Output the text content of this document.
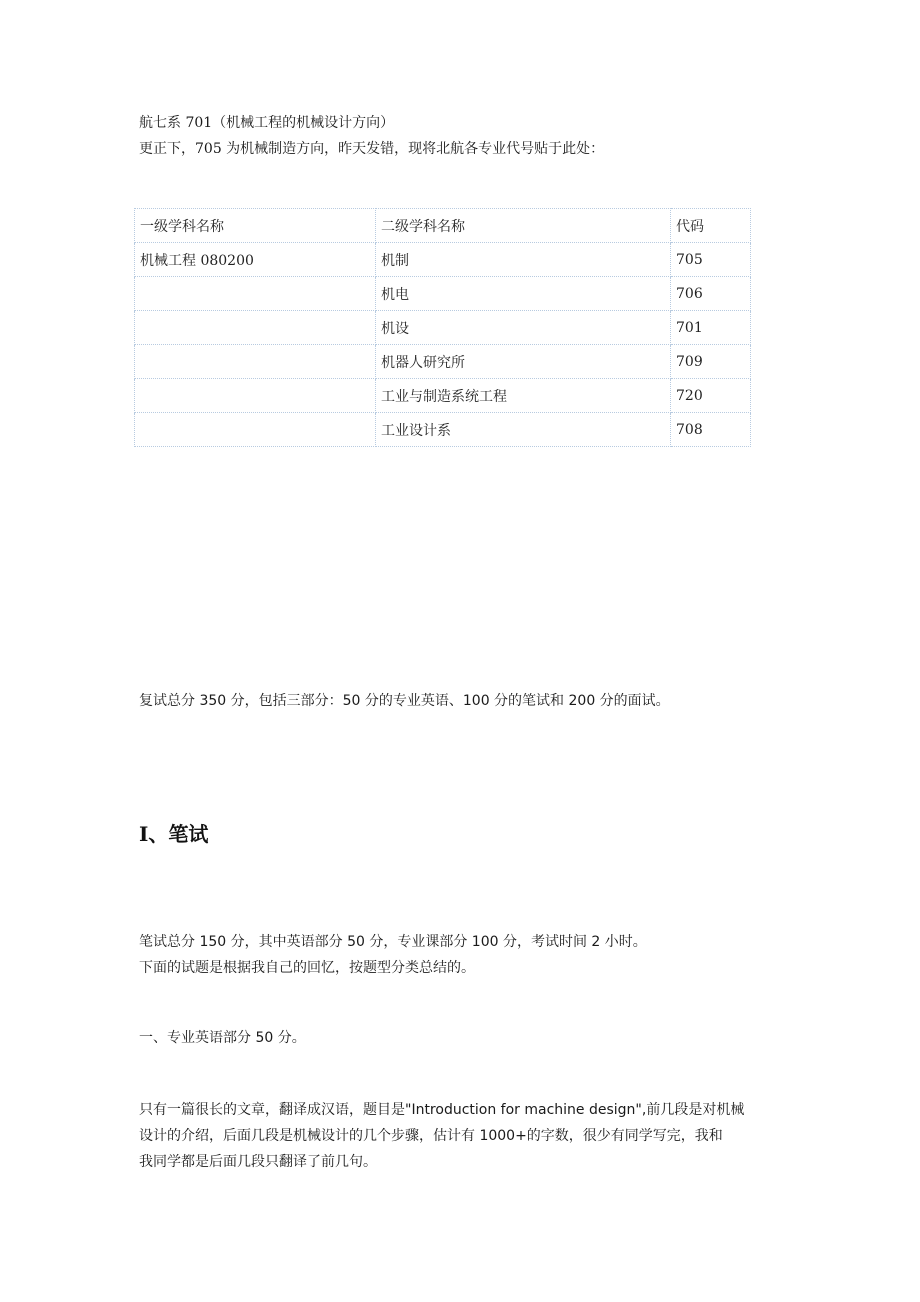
航七系 701（机械工程的机械设计方向）
更正下，705 为机械制造方向，昨天发错，现将北航各专业代号贴于此处：
一级学科名称	二级学科名称	代码
机械工程 080200	机制	705
	机电	706
	机设	701
	机器人研究所	709
	工业与制造系统工程	720
	工业设计系	708
复试总分 350 分，包括三部分：50 分的专业英语、100 分的笔试和 200 分的面试。
I、笔试
笔试总分 150 分，其中英语部分 50 分，专业课部分 100 分，考试时间 2 小时。
下面的试题是根据我自己的回忆，按题型分类总结的。
一、专业英语部分 50 分。
只有一篇很长的文章，翻译成汉语，题目是"Introduction for machine design",前几段是对机械
设计的介绍，后面几段是机械设计的几个步骤，估计有 1000+的字数，很少有同学写完，我和
我同学都是后面几段只翻译了前几句。
